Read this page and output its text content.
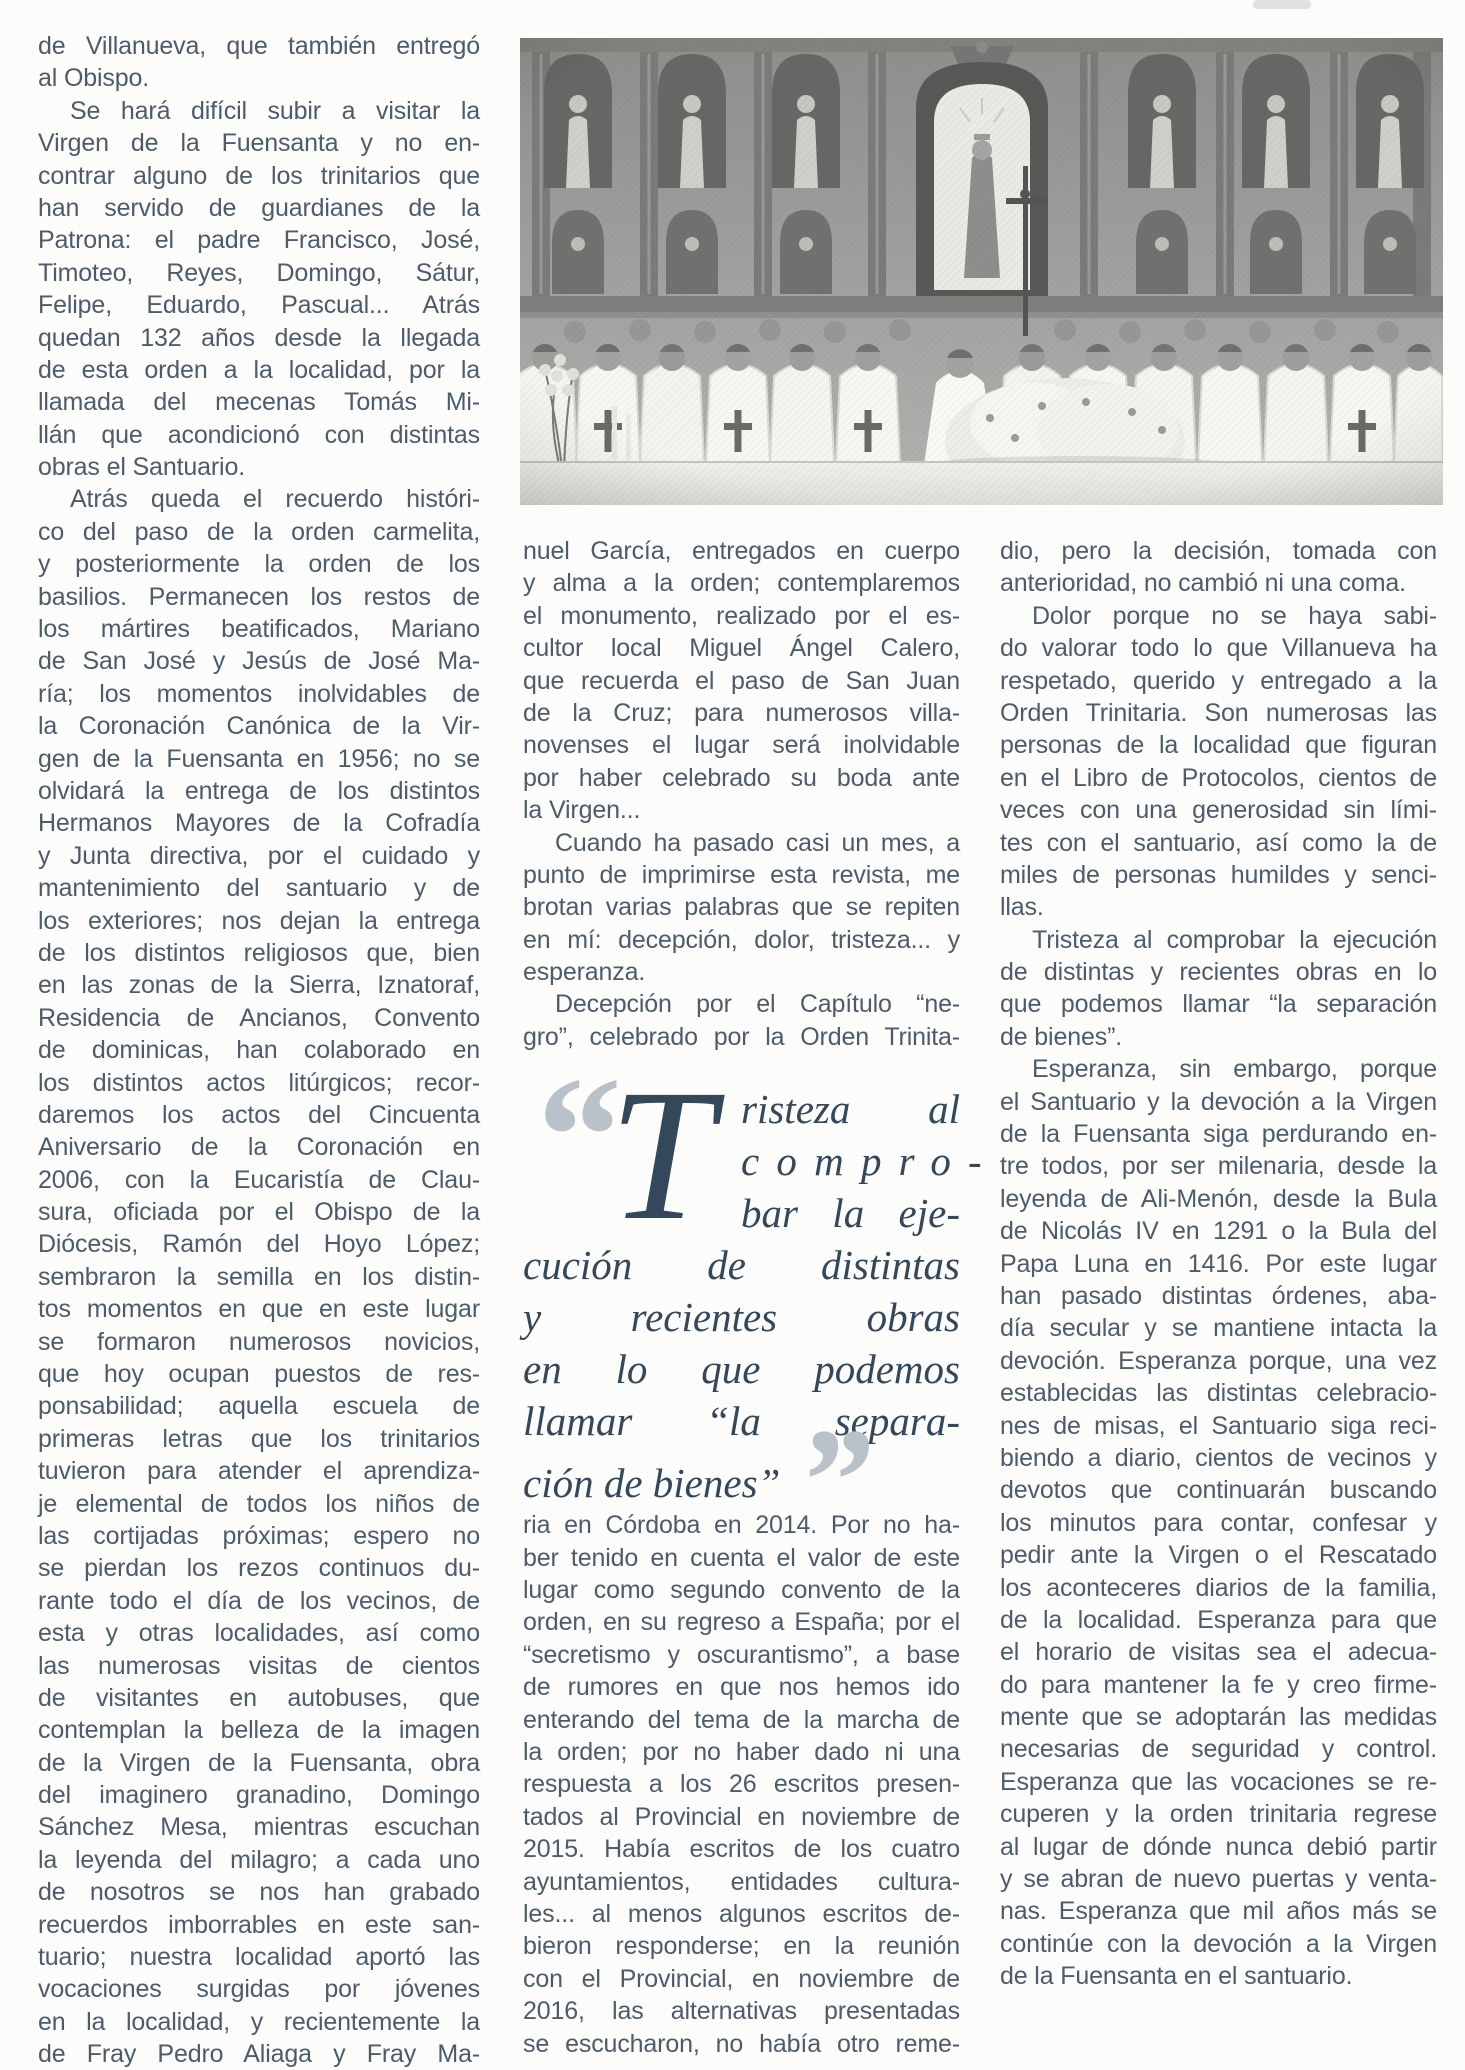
de Villanueva, que también entregó
al Obispo.
Se hará difícil subir a visitar la
Virgen de la Fuensanta y no en-
contrar alguno de los trinitarios que
han servido de guardianes de la
Patrona: el padre Francisco, José,
Timoteo, Reyes, Domingo, Sátur,
Felipe, Eduardo, Pascual... Atrás
quedan 132 años desde la llegada
de esta orden a la localidad, por la
llamada del mecenas Tomás Mi-
llán que acondicionó con distintas
obras el Santuario.
Atrás queda el recuerdo históri-
co del paso de la orden carmelita,
y posteriormente la orden de los
basilios. Permanecen los restos de
los mártires beatificados, Mariano
de San José y Jesús de José Ma-
ría; los momentos inolvidables de
la Coronación Canónica de la Vir-
gen de la Fuensanta en 1956; no se
olvidará la entrega de los distintos
Hermanos Mayores de la Cofradía
y Junta directiva, por el cuidado y
mantenimiento del santuario y de
los exteriores; nos dejan la entrega
de los distintos religiosos que, bien
en las zonas de la Sierra, Iznatoraf,
Residencia de Ancianos, Convento
de dominicas, han colaborado en
los distintos actos litúrgicos; recor-
daremos los actos del Cincuenta
Aniversario de la Coronación en
2006, con la Eucaristía de Clau-
sura, oficiada por el Obispo de la
Diócesis, Ramón del Hoyo López;
sembraron la semilla en los distin-
tos momentos en que en este lugar
se formaron numerosos novicios,
que hoy ocupan puestos de res-
ponsabilidad; aquella escuela de
primeras letras que los trinitarios
tuvieron para atender el aprendiza-
je elemental de todos los niños de
las cortijadas próximas; espero no
se pierdan los rezos continuos du-
rante todo el día de los vecinos, de
esta y otras localidades, así como
las numerosas visitas de cientos
de visitantes en autobuses, que
contemplan la belleza de la imagen
de la Virgen de la Fuensanta, obra
del imaginero granadino, Domingo
Sánchez Mesa, mientras escuchan
la leyenda del milagro; a cada uno
de nosotros se nos han grabado
recuerdos imborrables en este san-
tuario; nuestra localidad aportó las
vocaciones surgidas por jóvenes
en la localidad, y recientemente la
de Fray Pedro Aliaga y Fray Ma-
nuel García, entregados en cuerpo
y alma a la orden; contemplaremos
el monumento, realizado por el es-
cultor local Miguel Ángel Calero,
que recuerda el paso de San Juan
de la Cruz; para numerosos villa-
novenses el lugar será inolvidable
por haber celebrado su boda ante
la Virgen...
Cuando ha pasado casi un mes, a
punto de imprimirse esta revista, me
brotan varias palabras que se repiten
en mí: decepción, dolor, tristeza... y
esperanza.
Decepción por el Capítulo “ne-
gro”, celebrado por la Orden Trinita-
“
T risteza al
compro-
bar la eje-
cución de distintas
y recientes obras
en lo que podemos
llamar “la separa-
ción de bienes” ”
ria en Córdoba en 2014. Por no ha-
ber tenido en cuenta el valor de este
lugar como segundo convento de la
orden, en su regreso a España; por el
“secretismo y oscurantismo”, a base
de rumores en que nos hemos ido
enterando del tema de la marcha de
la orden; por no haber dado ni una
respuesta a los 26 escritos presen-
tados al Provincial en noviembre de
2015. Había escritos de los cuatro
ayuntamientos, entidades cultura-
les... al menos algunos escritos de-
bieron responderse; en la reunión
con el Provincial, en noviembre de
2016, las alternativas presentadas
se escucharon, no había otro reme-
dio, pero la decisión, tomada con
anterioridad, no cambió ni una coma.
Dolor porque no se haya sabi-
do valorar todo lo que Villanueva ha
respetado, querido y entregado a la
Orden Trinitaria. Son numerosas las
personas de la localidad que figuran
en el Libro de Protocolos, cientos de
veces con una generosidad sin lími-
tes con el santuario, así como la de
miles de personas humildes y senci-
llas.
Tristeza al comprobar la ejecución
de distintas y recientes obras en lo
que podemos llamar “la separación
de bienes”.
Esperanza, sin embargo, porque
el Santuario y la devoción a la Virgen
de la Fuensanta siga perdurando en-
tre todos, por ser milenaria, desde la
leyenda de Ali-Menón, desde la Bula
de Nicolás IV en 1291 o la Bula del
Papa Luna en 1416. Por este lugar
han pasado distintas órdenes, aba-
día secular y se mantiene intacta la
devoción. Esperanza porque, una vez
establecidas las distintas celebracio-
nes de misas, el Santuario siga reci-
biendo a diario, cientos de vecinos y
devotos que continuarán buscando
los minutos para contar, confesar y
pedir ante la Virgen o el Rescatado
los aconteceres diarios de la familia,
de la localidad. Esperanza para que
el horario de visitas sea el adecua-
do para mantener la fe y creo firme-
mente que se adoptarán las medidas
necesarias de seguridad y control.
Esperanza que las vocaciones se re-
cuperen y la orden trinitaria regrese
al lugar de dónde nunca debió partir
y se abran de nuevo puertas y venta-
nas. Esperanza que mil años más se
continúe con la devoción a la Virgen
de la Fuensanta en el santuario.
